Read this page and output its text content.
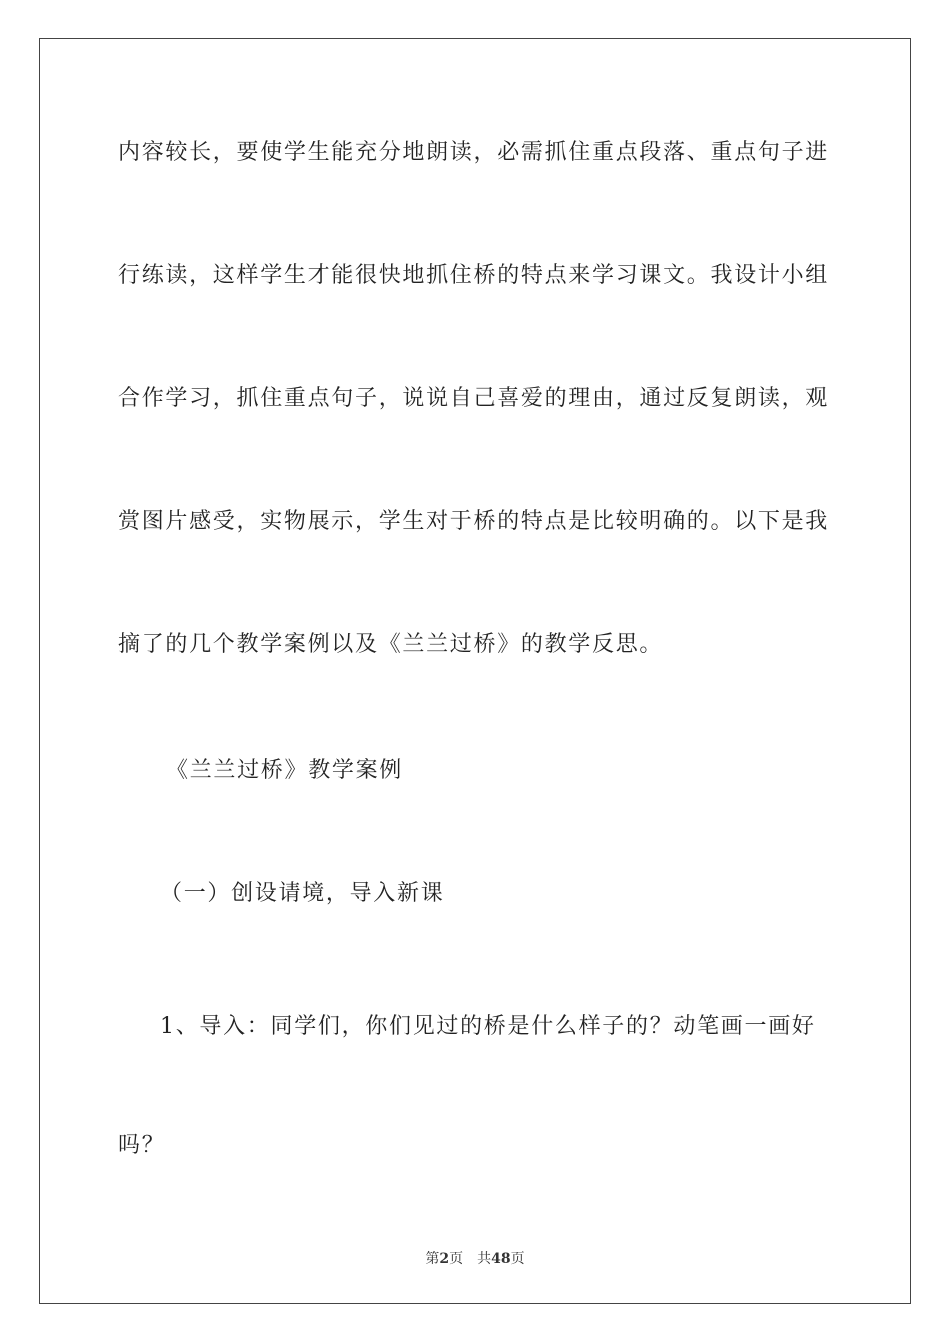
内容较长，要使学生能充分地朗读，必需抓住重点段落、重点句子进
行练读，这样学生才能很快地抓住桥的特点来学习课文。我设计小组
合作学习，抓住重点句子，说说自己喜爱的理由，通过反复朗读，观
赏图片感受，实物展示，学生对于桥的特点是比较明确的。以下是我
摘了的几个教学案例以及《兰兰过桥》的教学反思。
《兰兰过桥》教学案例
（一）创设请境，导入新课
1、导入：同学们，你们见过的桥是什么样子的？动笔画一画好
吗？
第2页 共48页
